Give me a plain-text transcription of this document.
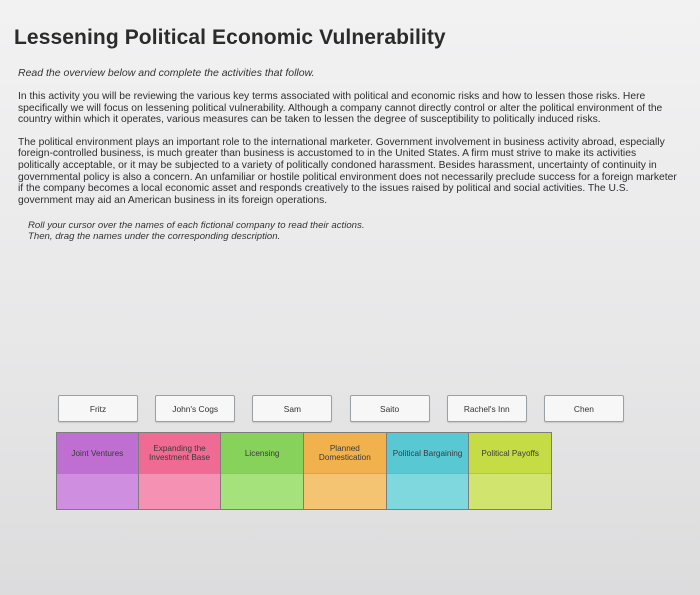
Lessening Political Economic Vulnerability
Read the overview below and complete the activities that follow.

In this activity you will be reviewing the various key terms associated with political and economic risks and how to lessen those risks. Here specifically we will focus on lessening political vulnerability. Although a company cannot directly control or alter the political environment of the country within which it operates, various measures can be taken to lessen the degree of susceptibility to politically induced risks.

The political environment plays an important role to the international marketer. Government involvement in business activity abroad, especially foreign-controlled business, is much greater than business is accustomed to in the United States. A firm must strive to make its activities politically acceptable, or it may be subjected to a variety of politically condoned harassment. Besides harassment, uncertainty of continuity in governmental policy is also a concern. An unfamiliar or hostile political environment does not necessarily preclude success for a foreign marketer if the company becomes a local economic asset and responds creatively to the issues raised by political and social activities. The U.S. government may aid an American business in its foreign operations.

Roll your cursor over the names of each fictional company to read their actions.
Then, drag the names under the corresponding description.
Fritz	John's Cogs	Sam	Saito	Rachel's Inn	Chen
Joint Ventures	Expanding the Investment Base	Licensing	Planned Domestication	Political Bargaining	Political Payoffs
